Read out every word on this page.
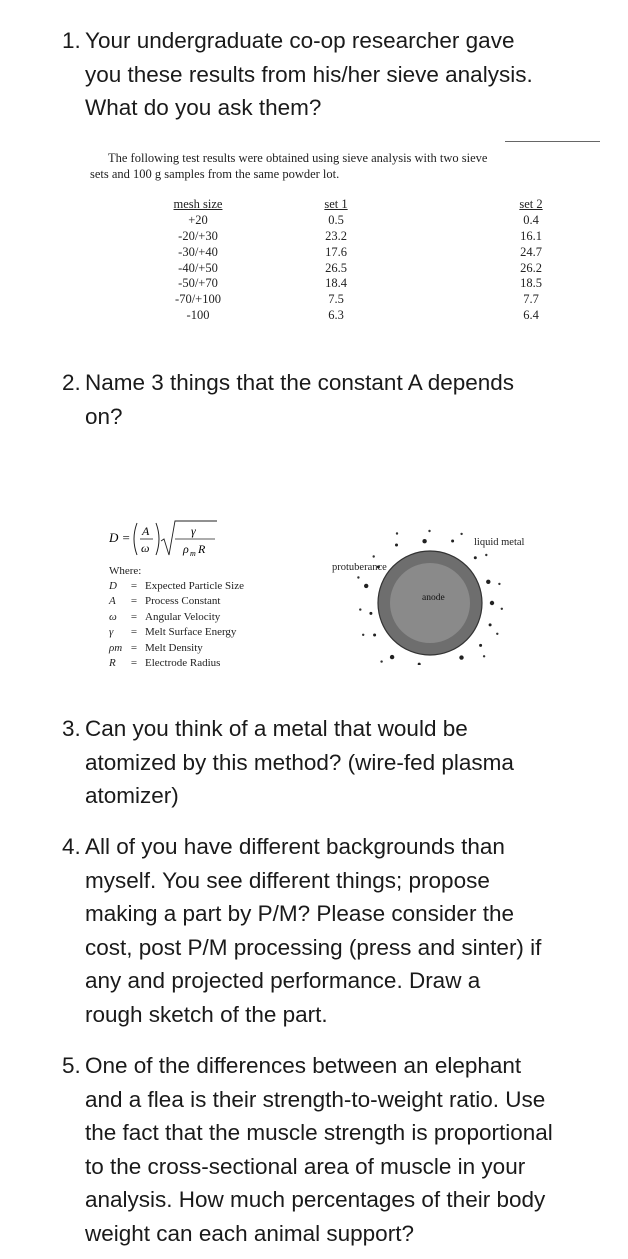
1. Your undergraduate co-op researcher gave
you these results from his/her sieve analysis.
What do you ask them?
The following test results were obtained using sieve analysis with two sieve
sets and 100 g samples from the same powder lot.
mesh size	set 1	set 2
+20	0.5	0.4
-20/+30	23.2	16.1
-30/+40	17.6	24.7
-40/+50	26.5	26.2
-50/+70	18.4	18.5
-70/+100	7.5	7.7
-100	6.3	6.4
2. Name 3 things that the constant A depends
on?
D = A
ω
γ
ρ m R
Where:
D = Expected Particle Size
A = Process Constant
ω = Angular Velocity
γ = Melt Surface Energy
ρm = Melt Density
R = Electrode Radius
liquid metal
protuberance
anode
3. Can you think of a metal that would be
atomized by this method? (wire-fed plasma
atomizer)
4. All of you have different backgrounds than
myself. You see different things; propose
making a part by P/M? Please consider the
cost, post P/M processing (press and sinter) if
any and projected performance. Draw a
rough sketch of the part.
5. One of the differences between an elephant
and a flea is their strength-to-weight ratio. Use
the fact that the muscle strength is proportional
to the cross-sectional area of muscle in your
analysis. How much percentages of their body
weight can each animal support?
